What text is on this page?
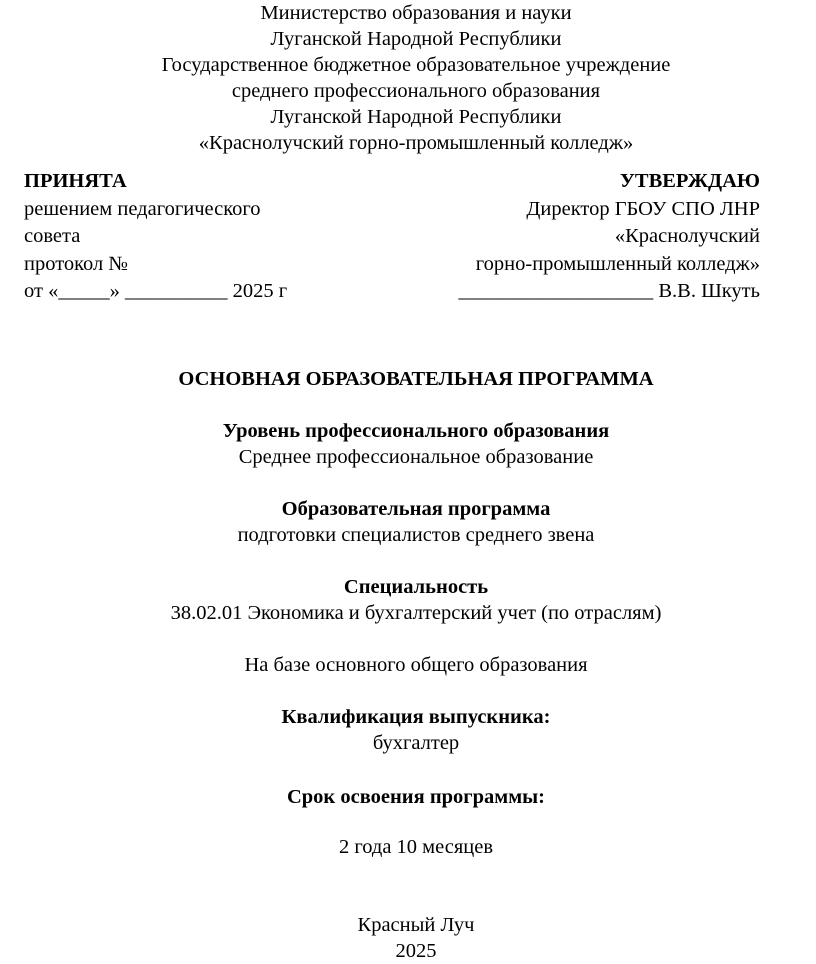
Министерство образования и науки
Луганской Народной Республики
Государственное бюджетное образовательное учреждение
среднего профессионального образования
Луганской Народной Республики
«Краснолучский горно-промышленный колледж»
ПРИНЯТА	УТВЕРЖДАЮ
решением педагогического	Директор ГБОУ СПО ЛНР
совета	«Краснолучский
протокол №	горно-промышленный колледж»
от «_____» __________ 2025 г	___________________ В.В. Шкуть
ОСНОВНАЯ ОБРАЗОВАТЕЛЬНАЯ ПРОГРАММА
Уровень профессионального образования
Среднее профессиональное образование
Образовательная программа
подготовки специалистов среднего звена
Специальность
38.02.01 Экономика и бухгалтерский учет (по отраслям)
На базе основного общего образования
Квалификация выпускника:
бухгалтер
Срок освоения программы:
2 года 10 месяцев
Красный Луч
2025
